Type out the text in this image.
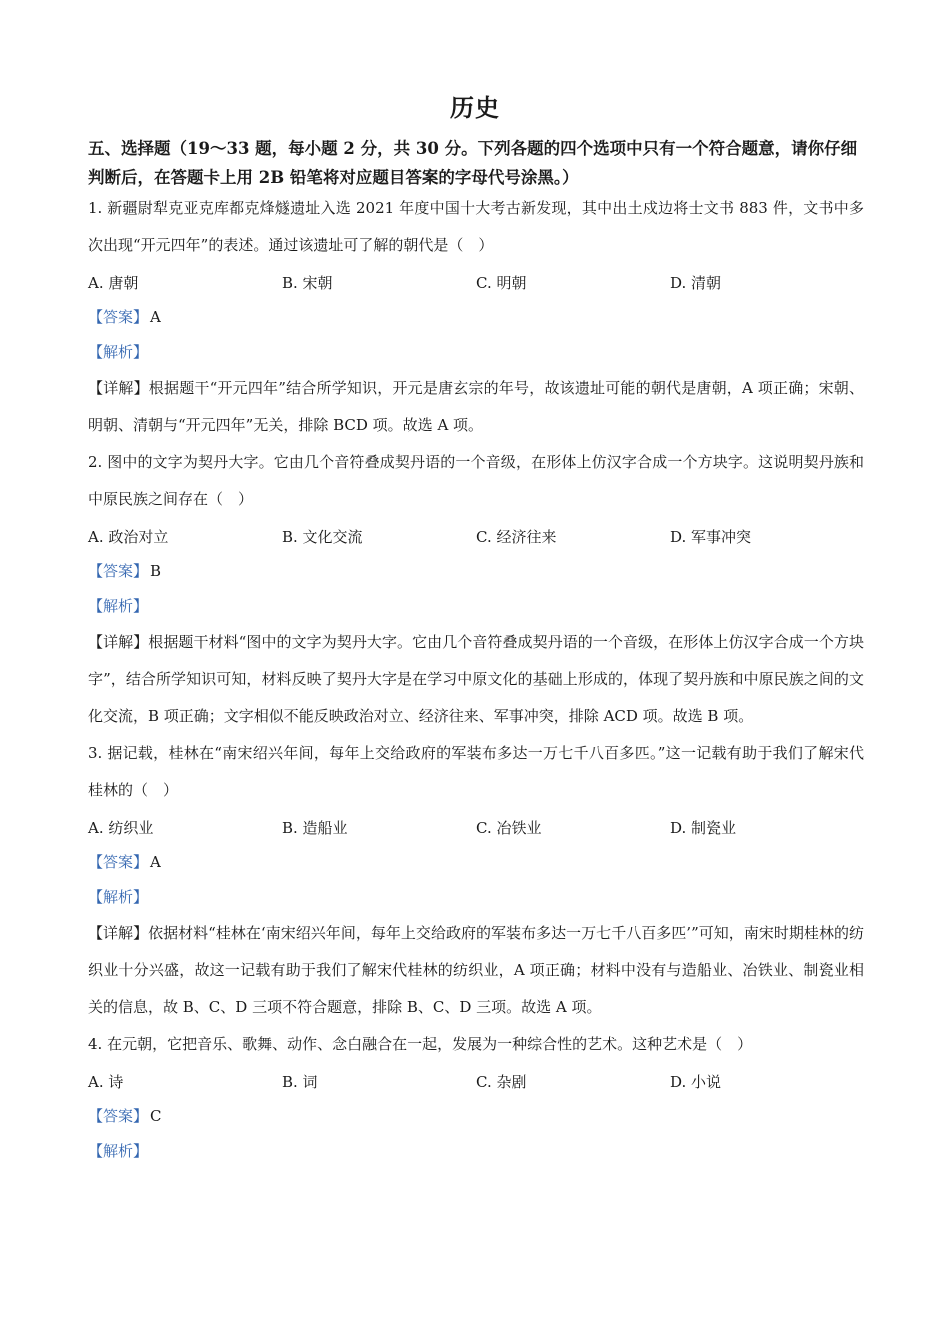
历史
五、选择题（19～33 题，每小题 2 分，共 30 分。下列各题的四个选项中只有一个符合题意，请你仔细判断后，在答题卡上用 2B 铅笔将对应题目答案的字母代号涂黑。）
1. 新疆尉犁克亚克库都克烽燧遗址入选 2021 年度中国十大考古新发现，其中出土戍边将士文书 883 件，文书中多次出现“开元四年”的表述。通过该遗址可了解的朝代是（　）
A. 唐朝	B. 宋朝	C. 明朝	D. 清朝
【答案】 A
【解析】
【详解】根据题干“开元四年”结合所学知识，开元是唐玄宗的年号，故该遗址可能的朝代是唐朝，A 项正确；宋朝、明朝、清朝与“开元四年”无关，排除 BCD 项。故选 A 项。
2. 图中的文字为契丹大字。它由几个音符叠成契丹语的一个音级，在形体上仿汉字合成一个方块字。这说明契丹族和中原民族之间存在（　）
A. 政治对立	B. 文化交流	C. 经济往来	D. 军事冲突
【答案】 B
【解析】
【详解】根据题干材料“图中的文字为契丹大字。它由几个音符叠成契丹语的一个音级，在形体上仿汉字合成一个方块字”，结合所学知识可知，材料反映了契丹大字是在学习中原文化的基础上形成的，体现了契丹族和中原民族之间的文化交流，B 项正确；文字相似不能反映政治对立、经济往来、军事冲突，排除 ACD 项。故选 B 项。
3. 据记载，桂林在“南宋绍兴年间，每年上交给政府的军装布多达一万七千八百多匹。”这一记载有助于我们了解宋代桂林的（　）
A. 纺织业	B. 造船业	C. 冶铁业	D. 制瓷业
【答案】 A
【解析】
【详解】依据材料“桂林在‘南宋绍兴年间，每年上交给政府的军装布多达一万七千八百多匹’”可知，南宋时期桂林的纺织业十分兴盛，故这一记载有助于我们了解宋代桂林的纺织业，A 项正确；材料中没有与造船业、冶铁业、制瓷业相关的信息，故 B、C、D 三项不符合题意，排除 B、C、D 三项。故选 A 项。
4. 在元朝，它把音乐、歌舞、动作、念白融合在一起，发展为一种综合性的艺术。这种艺术是（　）
A. 诗	B. 词	C. 杂剧	D. 小说
【答案】 C
【解析】
